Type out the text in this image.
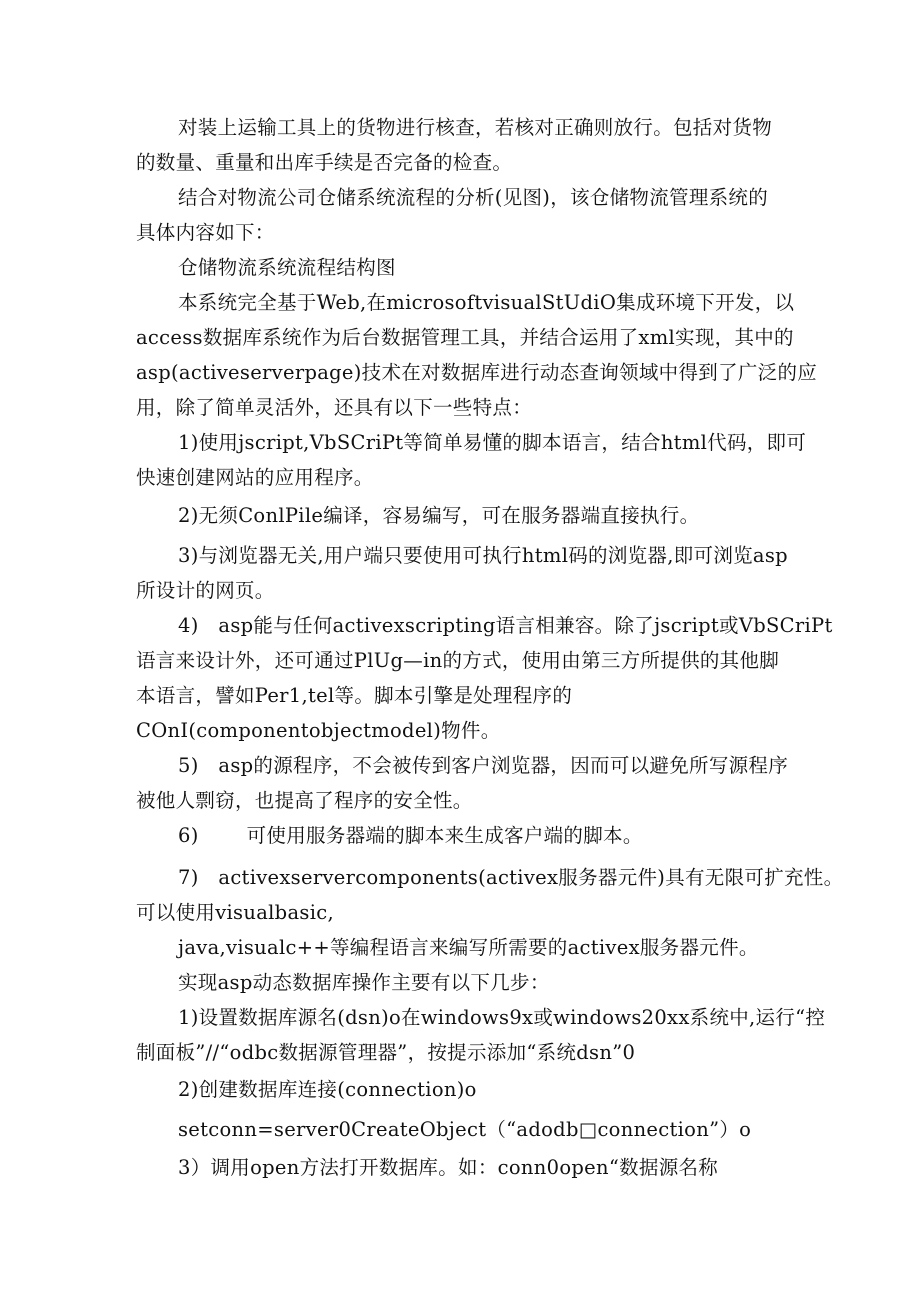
对装上运输工具上的货物进行核查，若核对正确则放行。包括对货物
的数量、重量和出库手续是否完备的检查。
结合对物流公司仓储系统流程的分析(见图)，该仓储物流管理系统的
具体内容如下：
仓储物流系统流程结构图
本系统完全基于Web,在microsoftvisualStUdiO集成环境下开发，以
access数据库系统作为后台数据管理工具，并结合运用了xml实现，其中的
asp(activeserverpage)技术在对数据库进行动态查询领域中得到了广泛的应
用，除了简单灵活外，还具有以下一些特点：
1)使用jscript,VbSCriPt等简单易懂的脚本语言，结合html代码，即可
快速创建网站的应用程序。
2)无须ConlPile编译，容易编写，可在服务器端直接执行。
3)与浏览器无关,用户端只要使用可执行html码的浏览器,即可浏览asp
所设计的网页。
4)　asp能与任何activexscripting语言相兼容。除了jscript或VbSCriPt
语言来设计外，还可通过PlUg—in的方式，使用由第三方所提供的其他脚
本语言，譬如Per1,tel等。脚本引擎是处理程序的
COnI(componentobjectmodel)物件。
5)　asp的源程序，不会被传到客户浏览器，因而可以避免所写源程序
被他人剽窃，也提高了程序的安全性。
6) 可使用服务器端的脚本来生成客户端的脚本。
7)　activexservercomponents(activex服务器元件)具有无限可扩充性。
可以使用visualbasic,
java,visualc++等编程语言来编写所需要的activex服务器元件。
实现asp动态数据库操作主要有以下几步：
1)设置数据库源名(dsn)o在windows9x或windows20xx系统中,运行“控
制面板”//“odbc数据源管理器”，按提示添加“系统dsn”0
2)创建数据库连接(connection)o
setconn=server0CreateObject（“adodb□connection”）o
3）调用open方法打开数据库。如：conn0open“数据源名称
